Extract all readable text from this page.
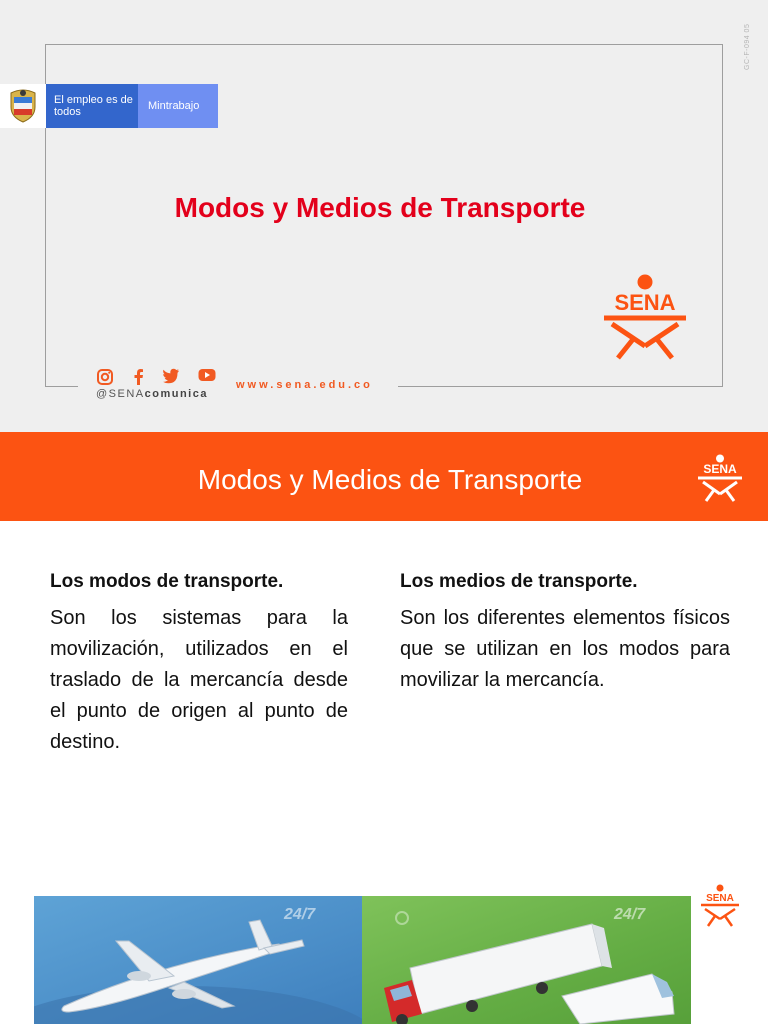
GC-F-094 05
El empleo es de todos	Mintrabajo
Modos y Medios de Transporte
SENA
@SENAcomunica
www.sena.edu.co
Modos y Medios de Transporte	SENA
Los modos de transporte.

Son los sistemas para la movilización, utilizados en el traslado de la mercancía desde el punto de origen al punto de destino.

Los medios de transporte.

Son los diferentes elementos físicos que se utilizan en los modos para movilizar la mercancía.

24/7	24/7
SENA
